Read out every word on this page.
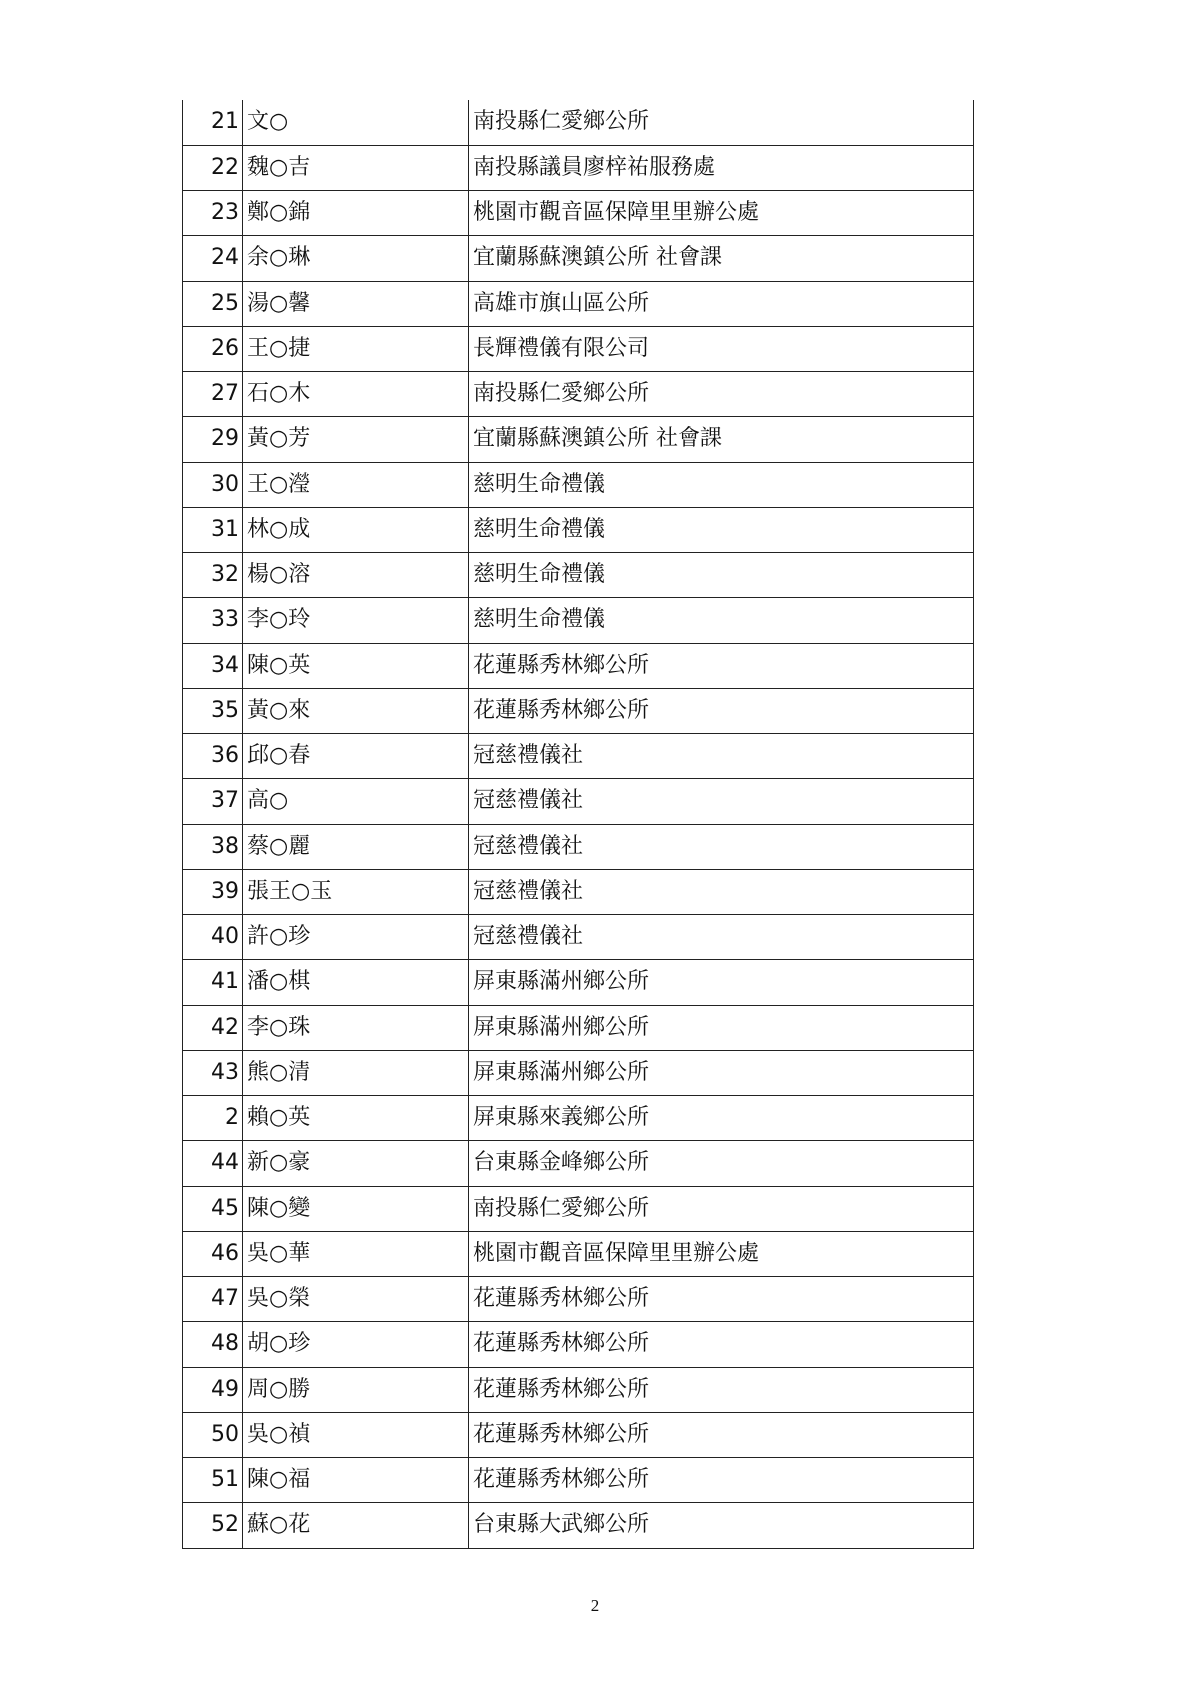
21	文○	南投縣仁愛鄉公所
22	魏○吉	南投縣議員廖梓祐服務處
23	鄭○錦	桃園市觀音區保障里里辦公處
24	余○琳	宜蘭縣蘇澳鎮公所 社會課
25	湯○馨	高雄市旗山區公所
26	王○捷	長輝禮儀有限公司
27	石○木	南投縣仁愛鄉公所
29	黃○芳	宜蘭縣蘇澳鎮公所 社會課
30	王○瀅	慈明生命禮儀
31	林○成	慈明生命禮儀
32	楊○溶	慈明生命禮儀
33	李○玲	慈明生命禮儀
34	陳○英	花蓮縣秀林鄉公所
35	黃○來	花蓮縣秀林鄉公所
36	邱○春	冠慈禮儀社
37	高○	冠慈禮儀社
38	蔡○麗	冠慈禮儀社
39	張王○玉	冠慈禮儀社
40	許○珍	冠慈禮儀社
41	潘○棋	屏東縣滿州鄉公所
42	李○珠	屏東縣滿州鄉公所
43	熊○清	屏東縣滿州鄉公所
2	賴○英	屏東縣來義鄉公所
44	新○豪	台東縣金峰鄉公所
45	陳○變	南投縣仁愛鄉公所
46	吳○華	桃園市觀音區保障里里辦公處
47	吳○榮	花蓮縣秀林鄉公所
48	胡○珍	花蓮縣秀林鄉公所
49	周○勝	花蓮縣秀林鄉公所
50	吳○禎	花蓮縣秀林鄉公所
51	陳○福	花蓮縣秀林鄉公所
52	蘇○花	台東縣大武鄉公所
2
